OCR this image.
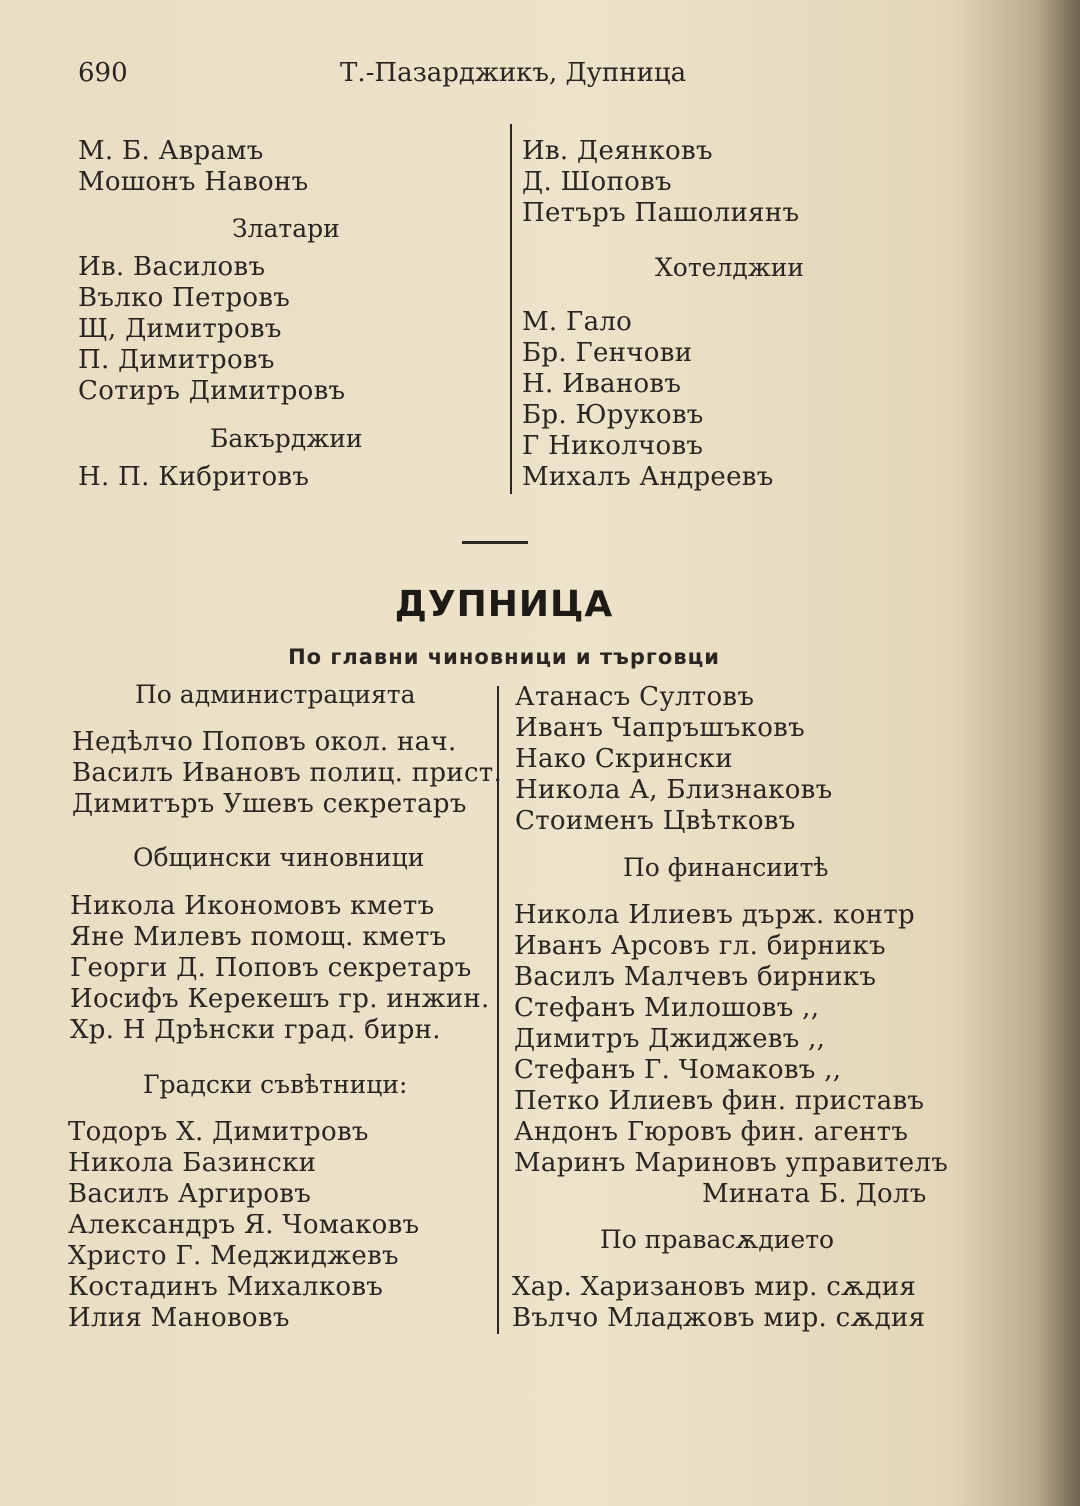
690	Т.-Пазарджикъ, Дупница
М. Б. Аврамъ
Мошонъ Навонъ
Златари
Ив. Василовъ
Вълко Петровъ
Щ, Димитровъ
П. Димитровъ
Сотиръ Димитровъ
Бакърджии
Н. П. Кибритовъ
Ив. Деянковъ
Д. Шоповъ
Петъръ Пашолиянъ
Хотелджии
М. Гало
Бр. Генчови
Н. Ивановъ
Бр. Юруковъ
Г Николчовъ
Михалъ Андреевъ
ДУПНИЦА
По главни чиновници и търговци
По администрацията
Недѣлчо Поповъ окол. нач.
Василъ Ивановъ полиц. прист.
Димитъръ Ушевъ секретаръ
Общински чиновници
Никола Икономовъ кметъ
Яне Милевъ помощ. кметъ
Георги Д. Поповъ секретаръ
Иосифъ Керекешъ гр. инжин.
Хр. Н Дрѣнски град. бирн.
Градски съвѣтници:
Тодоръ Х. Димитровъ
Никола Базински
Василъ Аргировъ
Александръ Я. Чомаковъ
Христо Г. Меджиджевъ
Костадинъ Михалковъ
Илия Манововъ
Атанасъ Султовъ
Иванъ Чапръшъковъ
Нако Скрински
Никола А, Близнаковъ
Стоименъ Цвѣтковъ
По финансиитѣ
Никола Илиевъ държ. контр
Иванъ Арсовъ гл. бирникъ
Василъ Малчевъ бирникъ
Стефанъ Милошовъ ,,
Димитръ Джиджевъ ,,
Стефанъ Г. Чомаковъ ,,
Петко Илиевъ фин. приставъ
Андонъ Гюровъ фин. агентъ
Маринъ Мариновъ управителъ
Мината Б. Долъ
По правасѫдието
Хар. Харизановъ мир. сѫдия
Вълчо Младжовъ мир. сѫдия
